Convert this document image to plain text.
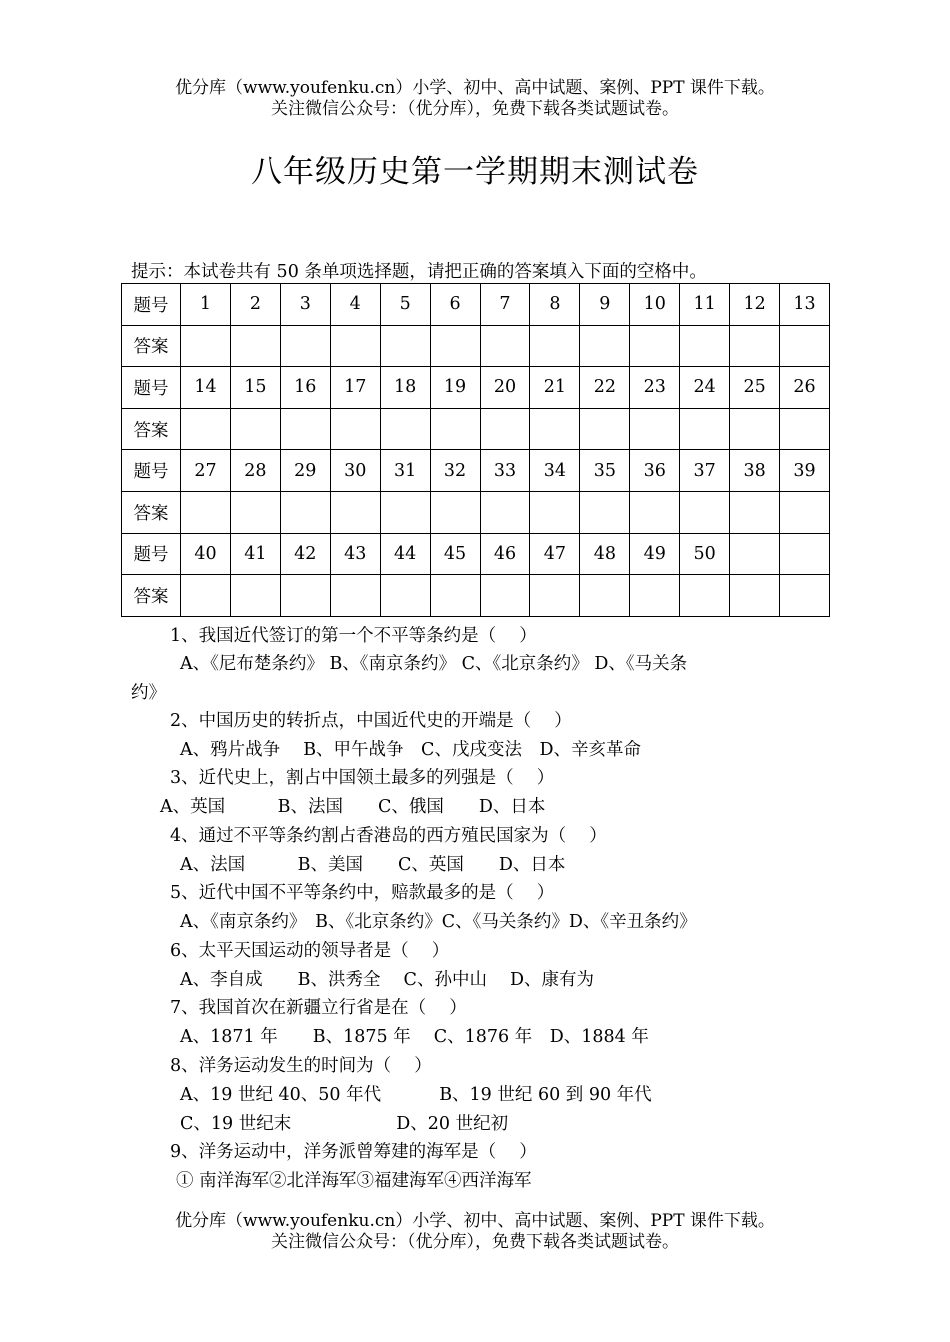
优分库（www.youfenku.cn）小学、初中、高中试题、案例、PPT 课件下载。
关注微信公众号：（优分库），免费下载各类试题试卷。
八年级历史第一学期期末测试卷
提示：本试卷共有 50 条单项选择题，请把正确的答案填入下面的空格中。
题号	1	2	3	4	5	6	7	8	9	10	11	12	13
答案													
题号	14	15	16	17	18	19	20	21	22	23	24	25	26
答案													
题号	27	28	29	30	31	32	33	34	35	36	37	38	39
答案													
题号	40	41	42	43	44	45	46	47	48	49	50		
答案													
1、我国近代签订的第一个不平等条约是（　 ）
A、《尼布楚条约》 B、《南京条约》 C、《北京条约》 D、《马关条
约》
2、中国历史的转折点，中国近代史的开端是（　 ）
A、鸦片战争　 B、甲午战争　C、戊戌变法　D、辛亥革命
3、近代史上，割占中国领土最多的列强是（　 ）
A、英国　　　B、法国　　C、俄国　　D、日本
4、通过不平等条约割占香港岛的西方殖民国家为（　 ）
A、法国　　　B、美国　　C、英国　　D、日本
5、近代中国不平等条约中，赔款最多的是（　 ）
A、《南京条约》　B、《北京条约》C、《马关条约》D、《辛丑条约》
6、太平天国运动的领导者是（　 ）
A、李自成　　B、洪秀全　 C、孙中山　 D、康有为
7、我国首次在新疆立行省是在（　 ）
A、1871 年　　B、1875 年　 C、1876 年　D、1884 年
8、洋务运动发生的时间为（　 ）
A、19 世纪 40、50 年代　　　 B、19 世纪 60 到 90 年代
C、19 世纪末　　　　　　D、20 世纪初
9、洋务运动中，洋务派曾筹建的海军是（　 ）
① 南洋海军②北洋海军③福建海军④西洋海军
优分库（www.youfenku.cn）小学、初中、高中试题、案例、PPT 课件下载。
关注微信公众号：（优分库），免费下载各类试题试卷。
